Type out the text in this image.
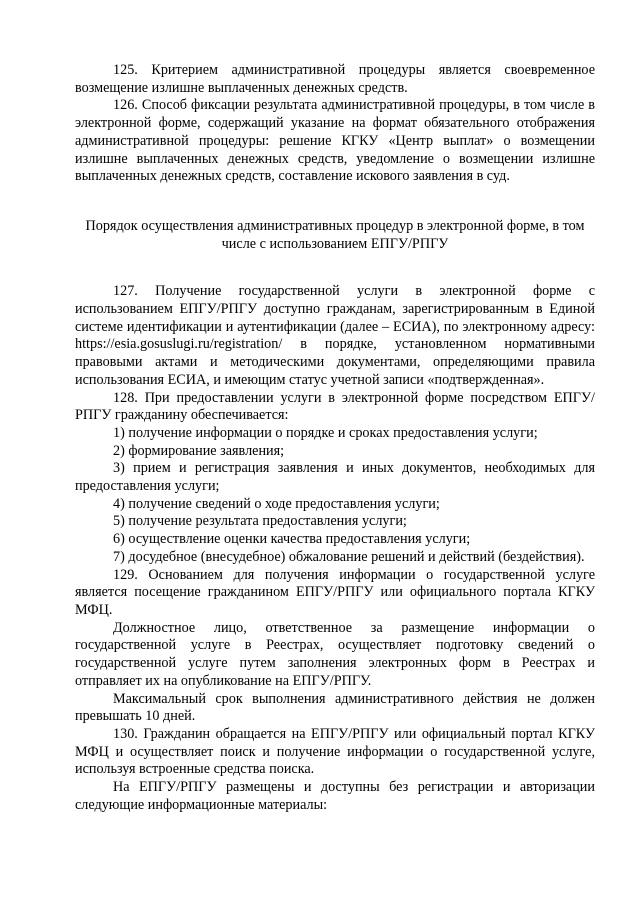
125. Критерием административной процедуры является своевременное возмещение излишне выплаченных денежных средств.

126. Способ фиксации результата административной процедуры, в том числе в электронной форме, содержащий указание на формат обязательного отображения административной процедуры: решение КГКУ «Центр выплат» о возмещении излишне выплаченных денежных средств, уведомление о возмещении излишне выплаченных денежных средств, составление искового заявления в суд.

Порядок осуществления административных процедур в электронной форме, в том числе с использованием ЕПГУ/РПГУ

127. Получение государственной услуги в электронной форме с использованием ЕПГУ/РПГУ доступно гражданам, зарегистрированным в Единой системе идентификации и аутентификации (далее – ЕСИА), по электронному адресу: https://esia.gosuslugi.ru/registration/ в порядке, установленном нормативными правовыми актами и методическими документами, определяющими правила использования ЕСИА, и имеющим статус учетной записи «подтвержденная».

128. При предоставлении услуги в электронной форме посредством ЕПГУ/РПГУ гражданину обеспечивается:

1) получение информации о порядке и сроках предоставления услуги;

2) формирование заявления;

3) прием и регистрация заявления и иных документов, необходимых для предоставления услуги;

4) получение сведений о ходе предоставления услуги;

5) получение результата предоставления услуги;

6) осуществление оценки качества предоставления услуги;

7) досудебное (внесудебное) обжалование решений и действий (бездействия).

129. Основанием для получения информации о государственной услуге является посещение гражданином ЕПГУ/РПГУ или официального портала КГКУ МФЦ.

Должностное лицо, ответственное за размещение информации о государственной услуге в Реестрах, осуществляет подготовку сведений о государственной услуге путем заполнения электронных форм в Реестрах и отправляет их на опубликование на ЕПГУ/РПГУ.

Максимальный срок выполнения административного действия не должен превышать 10 дней.

130. Гражданин обращается на ЕПГУ/РПГУ или официальный портал КГКУ МФЦ и осуществляет поиск и получение информации о государственной услуге, используя встроенные средства поиска.

На ЕПГУ/РПГУ размещены и доступны без регистрации и авторизации следующие информационные материалы:
